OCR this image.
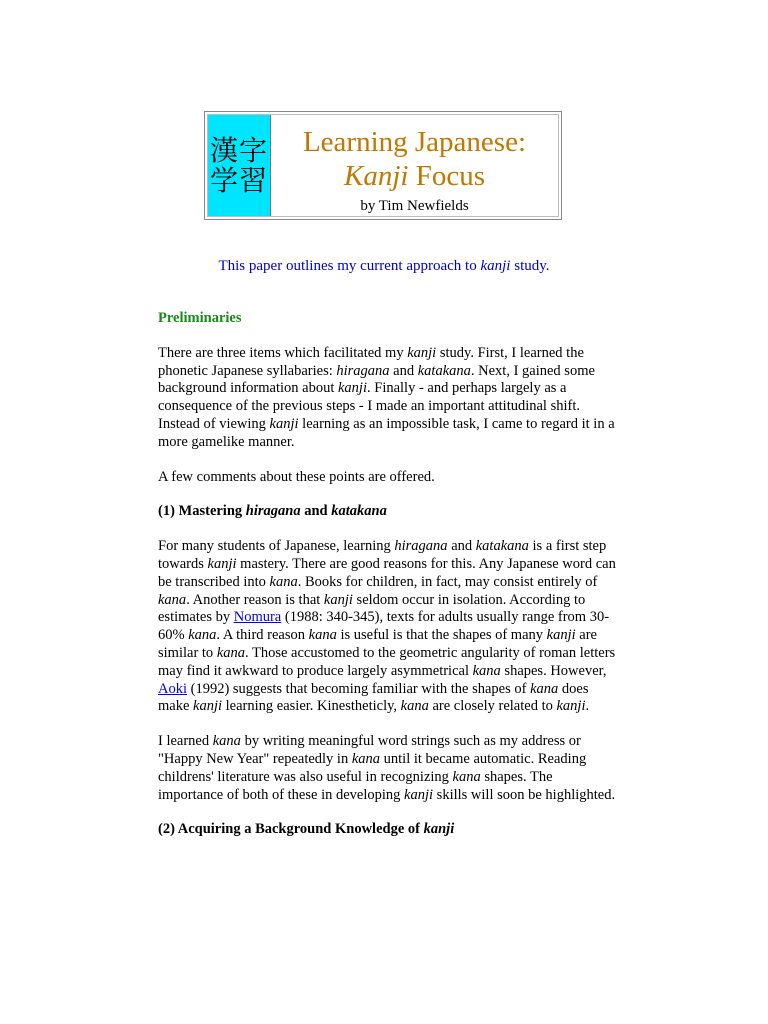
漢字
学習
Learning Japanese:
Kanji Focus
by Tim Newfields
This paper outlines my current approach to kanji study.
Preliminaries

There are three items which facilitated my kanji study. First, I learned the phonetic Japanese syllabaries: hiragana and katakana. Next, I gained some background information about kanji. Finally - and perhaps largely as a consequence of the previous steps - I made an important attitudinal shift. Instead of viewing kanji learning as an impossible task, I came to regard it in a more gamelike manner.

A few comments about these points are offered.

(1) Mastering hiragana and katakana

For many students of Japanese, learning hiragana and katakana is a first step towards kanji mastery. There are good reasons for this. Any Japanese word can be transcribed into kana. Books for children, in fact, may consist entirely of kana. Another reason is that kanji seldom occur in isolation. According to estimates by Nomura (1988: 340-345), texts for adults usually range from 30-60% kana. A third reason kana is useful is that the shapes of many kanji are similar to kana. Those accustomed to the geometric angularity of roman letters may find it awkward to produce largely asymmetrical kana shapes. However, Aoki (1992) suggests that becoming familiar with the shapes of kana does make kanji learning easier. Kinestheticly, kana are closely related to kanji.

I learned kana by writing meaningful word strings such as my address or "Happy New Year" repeatedly in kana until it became automatic. Reading childrens' literature was also useful in recognizing kana shapes. The importance of both of these in developing kanji skills will soon be highlighted.

(2) Acquiring a Background Knowledge of kanji
